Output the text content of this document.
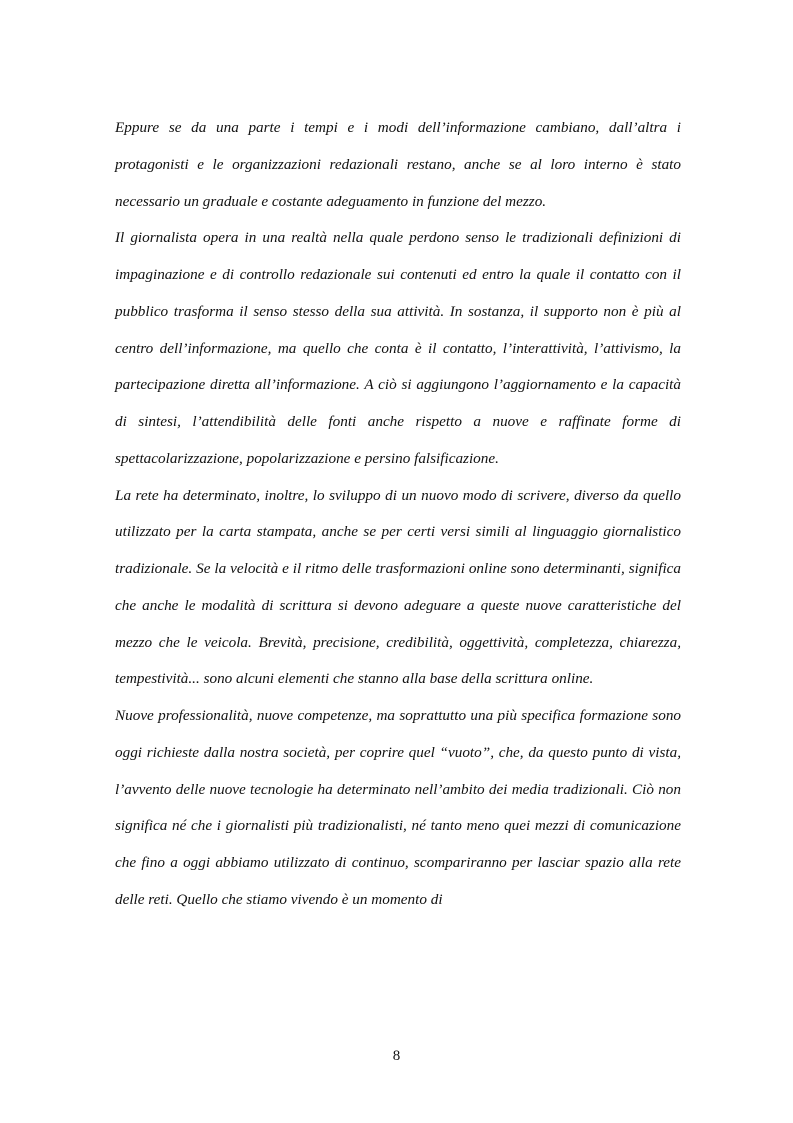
Eppure se da una parte i tempi e i modi dell’informazione cambiano, dall’altra i protagonisti e le organizzazioni redazionali restano, anche se al loro interno è stato necessario un graduale e costante adeguamento in funzione del mezzo.

Il giornalista opera in una realtà nella quale perdono senso le tradizionali definizioni di impaginazione e di controllo redazionale sui contenuti ed entro la quale il contatto con il pubblico trasforma il senso stesso della sua attività. In sostanza, il supporto non è più al centro dell’informazione, ma quello che conta è il contatto, l’interattività, l’attivismo, la partecipazione diretta all’informazione. A ciò si aggiungono l’aggiornamento e la capacità di sintesi, l’attendibilità delle fonti anche rispetto a nuove e raffinate forme di spettacolarizzazione, popolarizzazione e persino falsificazione.

La rete ha determinato, inoltre, lo sviluppo di un nuovo modo di scrivere, diverso da quello utilizzato per la carta stampata, anche se per certi versi simili al linguaggio giornalistico tradizionale. Se la velocità e il ritmo delle trasformazioni online sono determinanti, significa che anche le modalità di scrittura si devono adeguare a queste nuove caratteristiche del mezzo che le veicola. Brevità, precisione, credibilità, oggettività, completezza, chiarezza, tempestività... sono alcuni elementi che stanno alla base della scrittura online.

Nuove professionalità, nuove competenze, ma soprattutto una più specifica formazione sono oggi richieste dalla nostra società, per coprire quel “vuoto”, che, da questo punto di vista, l’avvento delle nuove tecnologie ha determinato nell’ambito dei media tradizionali. Ciò non significa né che i giornalisti più tradizionalisti, né tanto meno quei mezzi di comunicazione che fino a oggi abbiamo utilizzato di continuo, scompariranno per lasciar spazio alla rete delle reti. Quello che stiamo vivendo è un momento di

8
